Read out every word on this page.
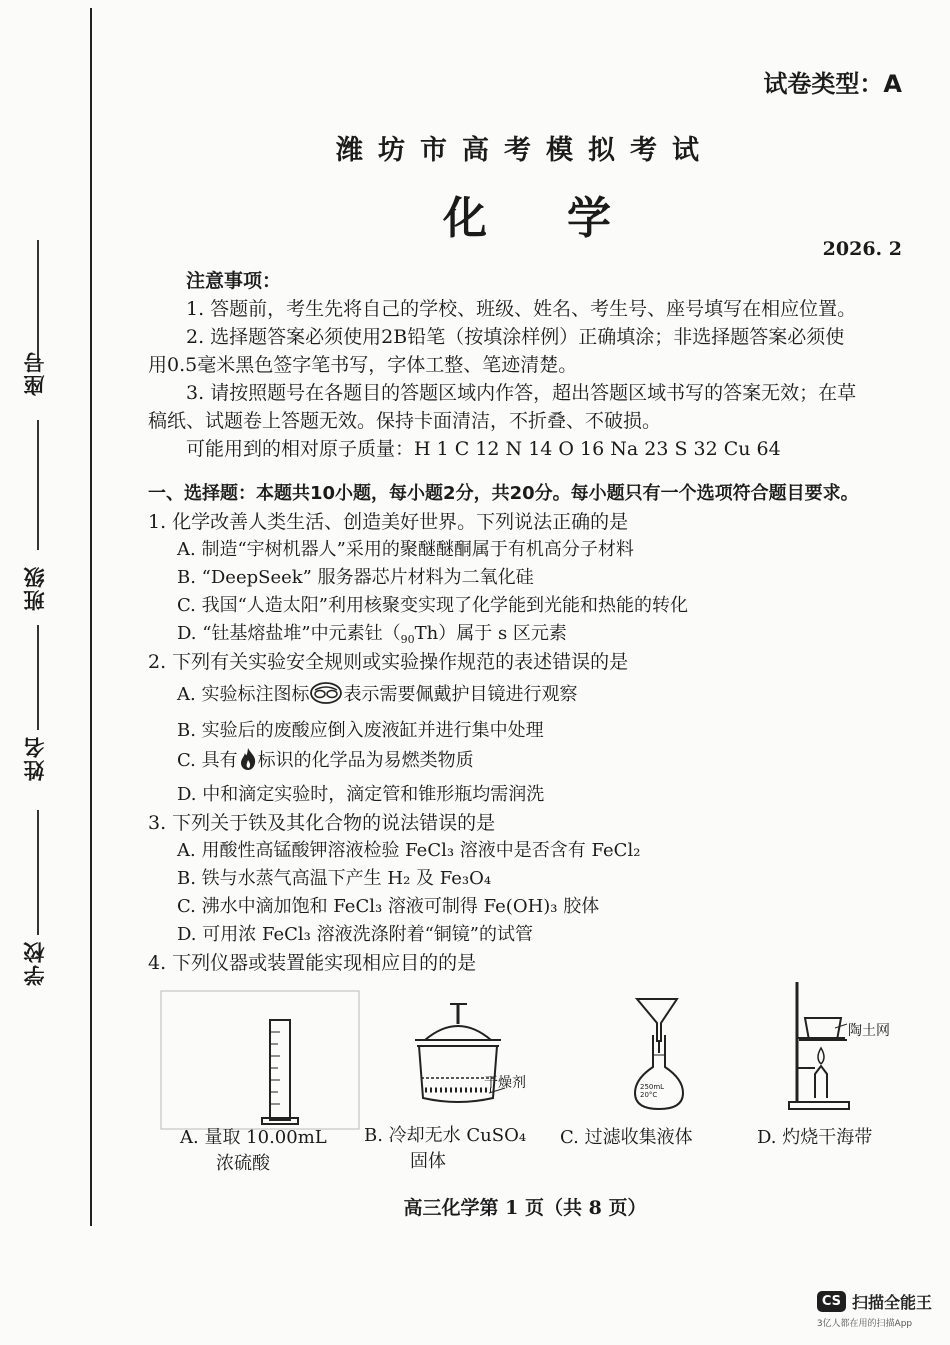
座号
班级
姓名
学校
试卷类型：A
潍坊市高考模拟考试
化学
2026. 2
注意事项：
1. 答题前，考生先将自己的学校、班级、姓名、考生号、座号填写在相应位置。
2. 选择题答案必须使用2B铅笔（按填涂样例）正确填涂；非选择题答案必须使
用0.5毫米黑色签字笔书写，字体工整、笔迹清楚。
3. 请按照题号在各题目的答题区域内作答，超出答题区域书写的答案无效；在草
稿纸、试题卷上答题无效。保持卡面清洁，不折叠、不破损。
可能用到的相对原子质量：H 1 C 12 N 14 O 16 Na 23 S 32 Cu 64
一、选择题：本题共10小题，每小题2分，共20分。每小题只有一个选项符合题目要求。
1. 化学改善人类生活、创造美好世界。下列说法正确的是
A. 制造“宇树机器人”采用的聚醚醚酮属于有机高分子材料
B. “DeepSeek” 服务器芯片材料为二氧化硅
C. 我国“人造太阳”利用核聚变实现了化学能到光能和热能的转化
D. “钍基熔盐堆”中元素钍$(_{90}Th)$属于 s 区元素
2. 下列有关实验安全规则或实验操作规范的表述错误的是
A. 实验标注图标 表示需要佩戴护目镜进行观察
B. 实验后的废酸应倒入废液缸并进行集中处理
C. 具有 标识的化学品为易燃类物质
D. 中和滴定实验时，滴定管和锥形瓶均需润洗
3. 下列关于铁及其化合物的说法错误的是
A. 用酸性高锰酸钾溶液检验 FeCl₃ 溶液中是否含有 FeCl₂
B. 铁与水蒸气高温下产生 H₂ 及 Fe₃O₄
C. 沸水中滴加饱和 FeCl₃ 溶液可制得 Fe(OH)₃ 胶体
D. 可用浓 FeCl₃ 溶液洗涤附着“铜镜”的试管
4. 下列仪器或装置能实现相应目的的是
干燥剂	250mL
20°C
陶土网
A. 量取 10.00mL
浓硫酸
B. 冷却无水 CuSO₄
固体
C. 过滤收集液体	D. 灼烧干海带
高三化学第 1 页（共 8 页）
CS 扫描全能王
3亿人都在用的扫描App
